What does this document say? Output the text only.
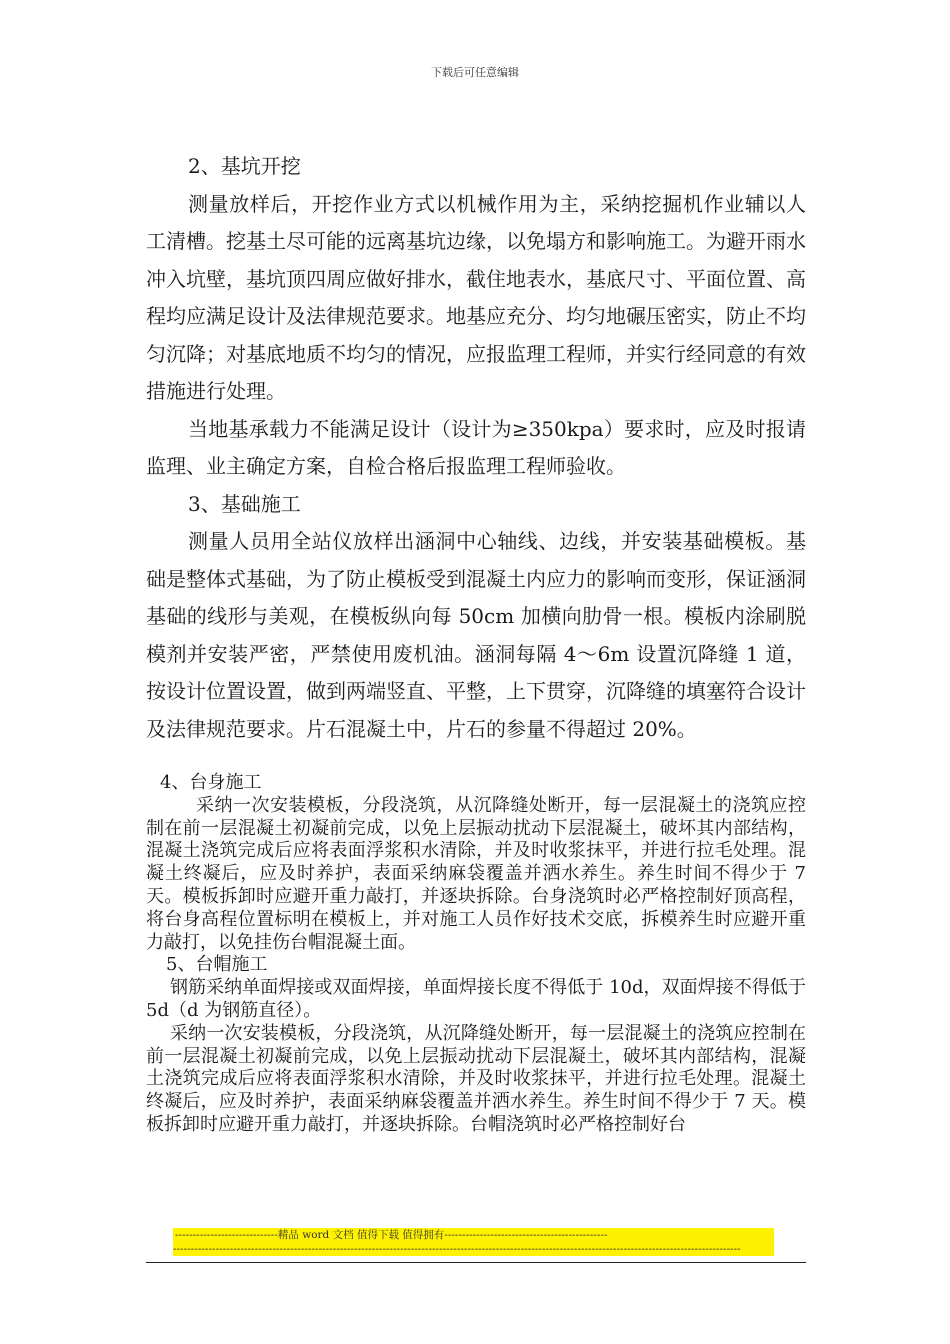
下载后可任意编辑

2、基坑开挖

测量放样后，开挖作业方式以机械作用为主，采纳挖掘机作业辅以人工清槽。挖基土尽可能的远离基坑边缘，以免塌方和影响施工。为避开雨水冲入坑壁，基坑顶四周应做好排水，截住地表水，基底尺寸、平面位置、高程均应满足设计及法律规范要求。地基应充分、均匀地碾压密实，防止不均匀沉降；对基底地质不均匀的情况，应报监理工程师，并实行经同意的有效措施进行处理。

当地基承载力不能满足设计（设计为≥350kpa）要求时，应及时报请监理、业主确定方案，自检合格后报监理工程师验收。

3、基础施工

测量人员用全站仪放样出涵洞中心轴线、边线，并安装基础模板。基础是整体式基础，为了防止模板受到混凝土内应力的影响而变形，保证涵洞基础的线形与美观，在模板纵向每 50cm 加横向肋骨一根。模板内涂刷脱模剂并安装严密，严禁使用废机油。涵洞每隔 4～6m 设置沉降缝 1 道，按设计位置设置，做到两端竖直、平整，上下贯穿，沉降缝的填塞符合设计及法律规范要求。片石混凝土中，片石的参量不得超过 20%。

4、台身施工

采纳一次安装模板，分段浇筑，从沉降缝处断开，每一层混凝土的浇筑应控制在前一层混凝土初凝前完成，以免上层振动扰动下层混凝土，破坏其内部结构，混凝土浇筑完成后应将表面浮浆积水清除，并及时收浆抹平，并进行拉毛处理。混凝土终凝后，应及时养护，表面采纳麻袋覆盖并洒水养生。养生时间不得少于 7 天。模板拆卸时应避开重力敲打，并逐块拆除。台身浇筑时必严格控制好顶高程，将台身高程位置标明在模板上，并对施工人员作好技术交底，拆模养生时应避开重力敲打，以免挂伤台帽混凝土面。

5、台帽施工

钢筋采纳单面焊接或双面焊接，单面焊接长度不得低于 10d，双面焊接不得低于 5d（d 为钢筋直径）。

采纳一次安装模板，分段浇筑，从沉降缝处断开，每一层混凝土的浇筑应控制在前一层混凝土初凝前完成，以免上层振动扰动下层混凝土，破坏其内部结构，混凝土浇筑完成后应将表面浮浆积水清除，并及时收浆抹平，并进行拉毛处理。混凝土终凝后，应及时养护，表面采纳麻袋覆盖并洒水养生。养生时间不得少于 7 天。模板拆卸时应避开重力敲打，并逐块拆除。台帽浇筑时必严格控制好台

-----------------------------精品 word 文档 值得下载 值得拥有----------------------------------------------
----------------------------------------------------------------------------------------------------------------------------------------------------------------
